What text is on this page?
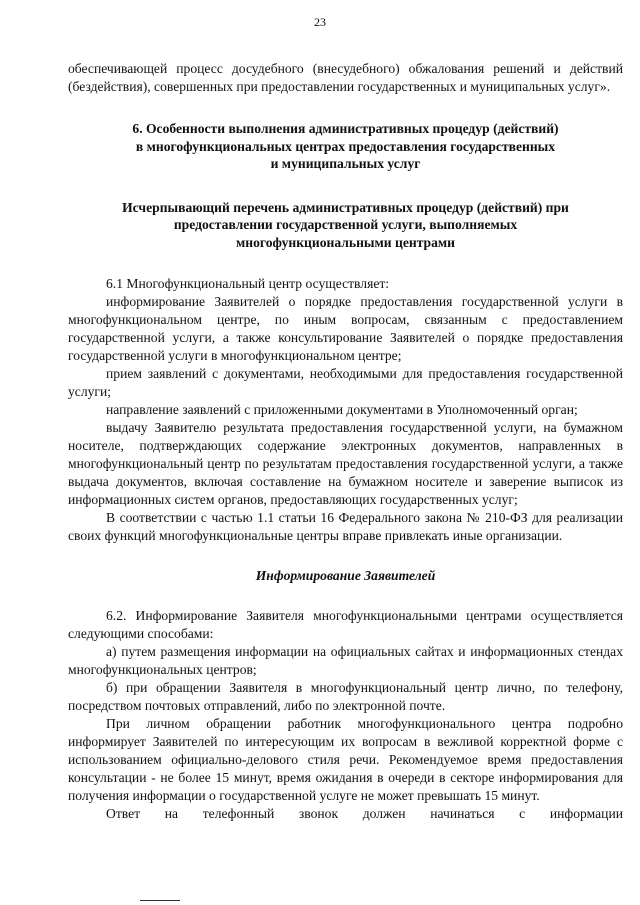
23

обеспечивающей процесс досудебного (внесудебного) обжалования решений и действий (бездействия), совершенных при предоставлении государственных и муниципальных услуг».

6. Особенности выполнения административных процедур (действий)

в многофункциональных центрах предоставления государственных

и муниципальных услуг

Исчерпывающий перечень административных процедур (действий) при

предоставлении государственной услуги, выполняемых

многофункциональными центрами

6.1 Многофункциональный центр осуществляет:

информирование Заявителей о порядке предоставления государственной услуги в многофункциональном центре, по иным вопросам, связанным с предоставлением государственной услуги, а также консультирование Заявителей о порядке предоставления государственной услуги в многофункциональном центре;

прием заявлений с документами, необходимыми для предоставления государственной услуги;

направление заявлений с приложенными документами в Уполномоченный орган;

выдачу Заявителю результата предоставления государственной услуги, на бумажном носителе, подтверждающих содержание электронных документов, направленных в многофункциональный центр по результатам предоставления государственной услуги, а также выдача документов, включая составление на бумажном носителе и заверение выписок из информационных систем органов, предоставляющих государственных услуг;

В соответствии с частью 1.1 статьи 16 Федерального закона № 210-ФЗ для реализации своих функций многофункциональные центры вправе привлекать иные организации.

Информирование Заявителей

6.2. Информирование Заявителя многофункциональными центрами осуществляется следующими способами:

а) путем размещения информации на официальных сайтах и информационных стендах многофункциональных центров;

б) при обращении Заявителя в многофункциональный центр лично, по телефону, посредством почтовых отправлений, либо по электронной почте.

При личном обращении работник многофункционального центра подробно информирует Заявителей по интересующим их вопросам в вежливой корректной форме с использованием официально-делового стиля речи. Рекомендуемое время предоставления консультации - не более 15 минут, время ожидания в очереди в секторе информирования для получения информации о государственной услуге не может превышать 15 минут.

Ответ на телефонный звонок должен начинаться с информации
